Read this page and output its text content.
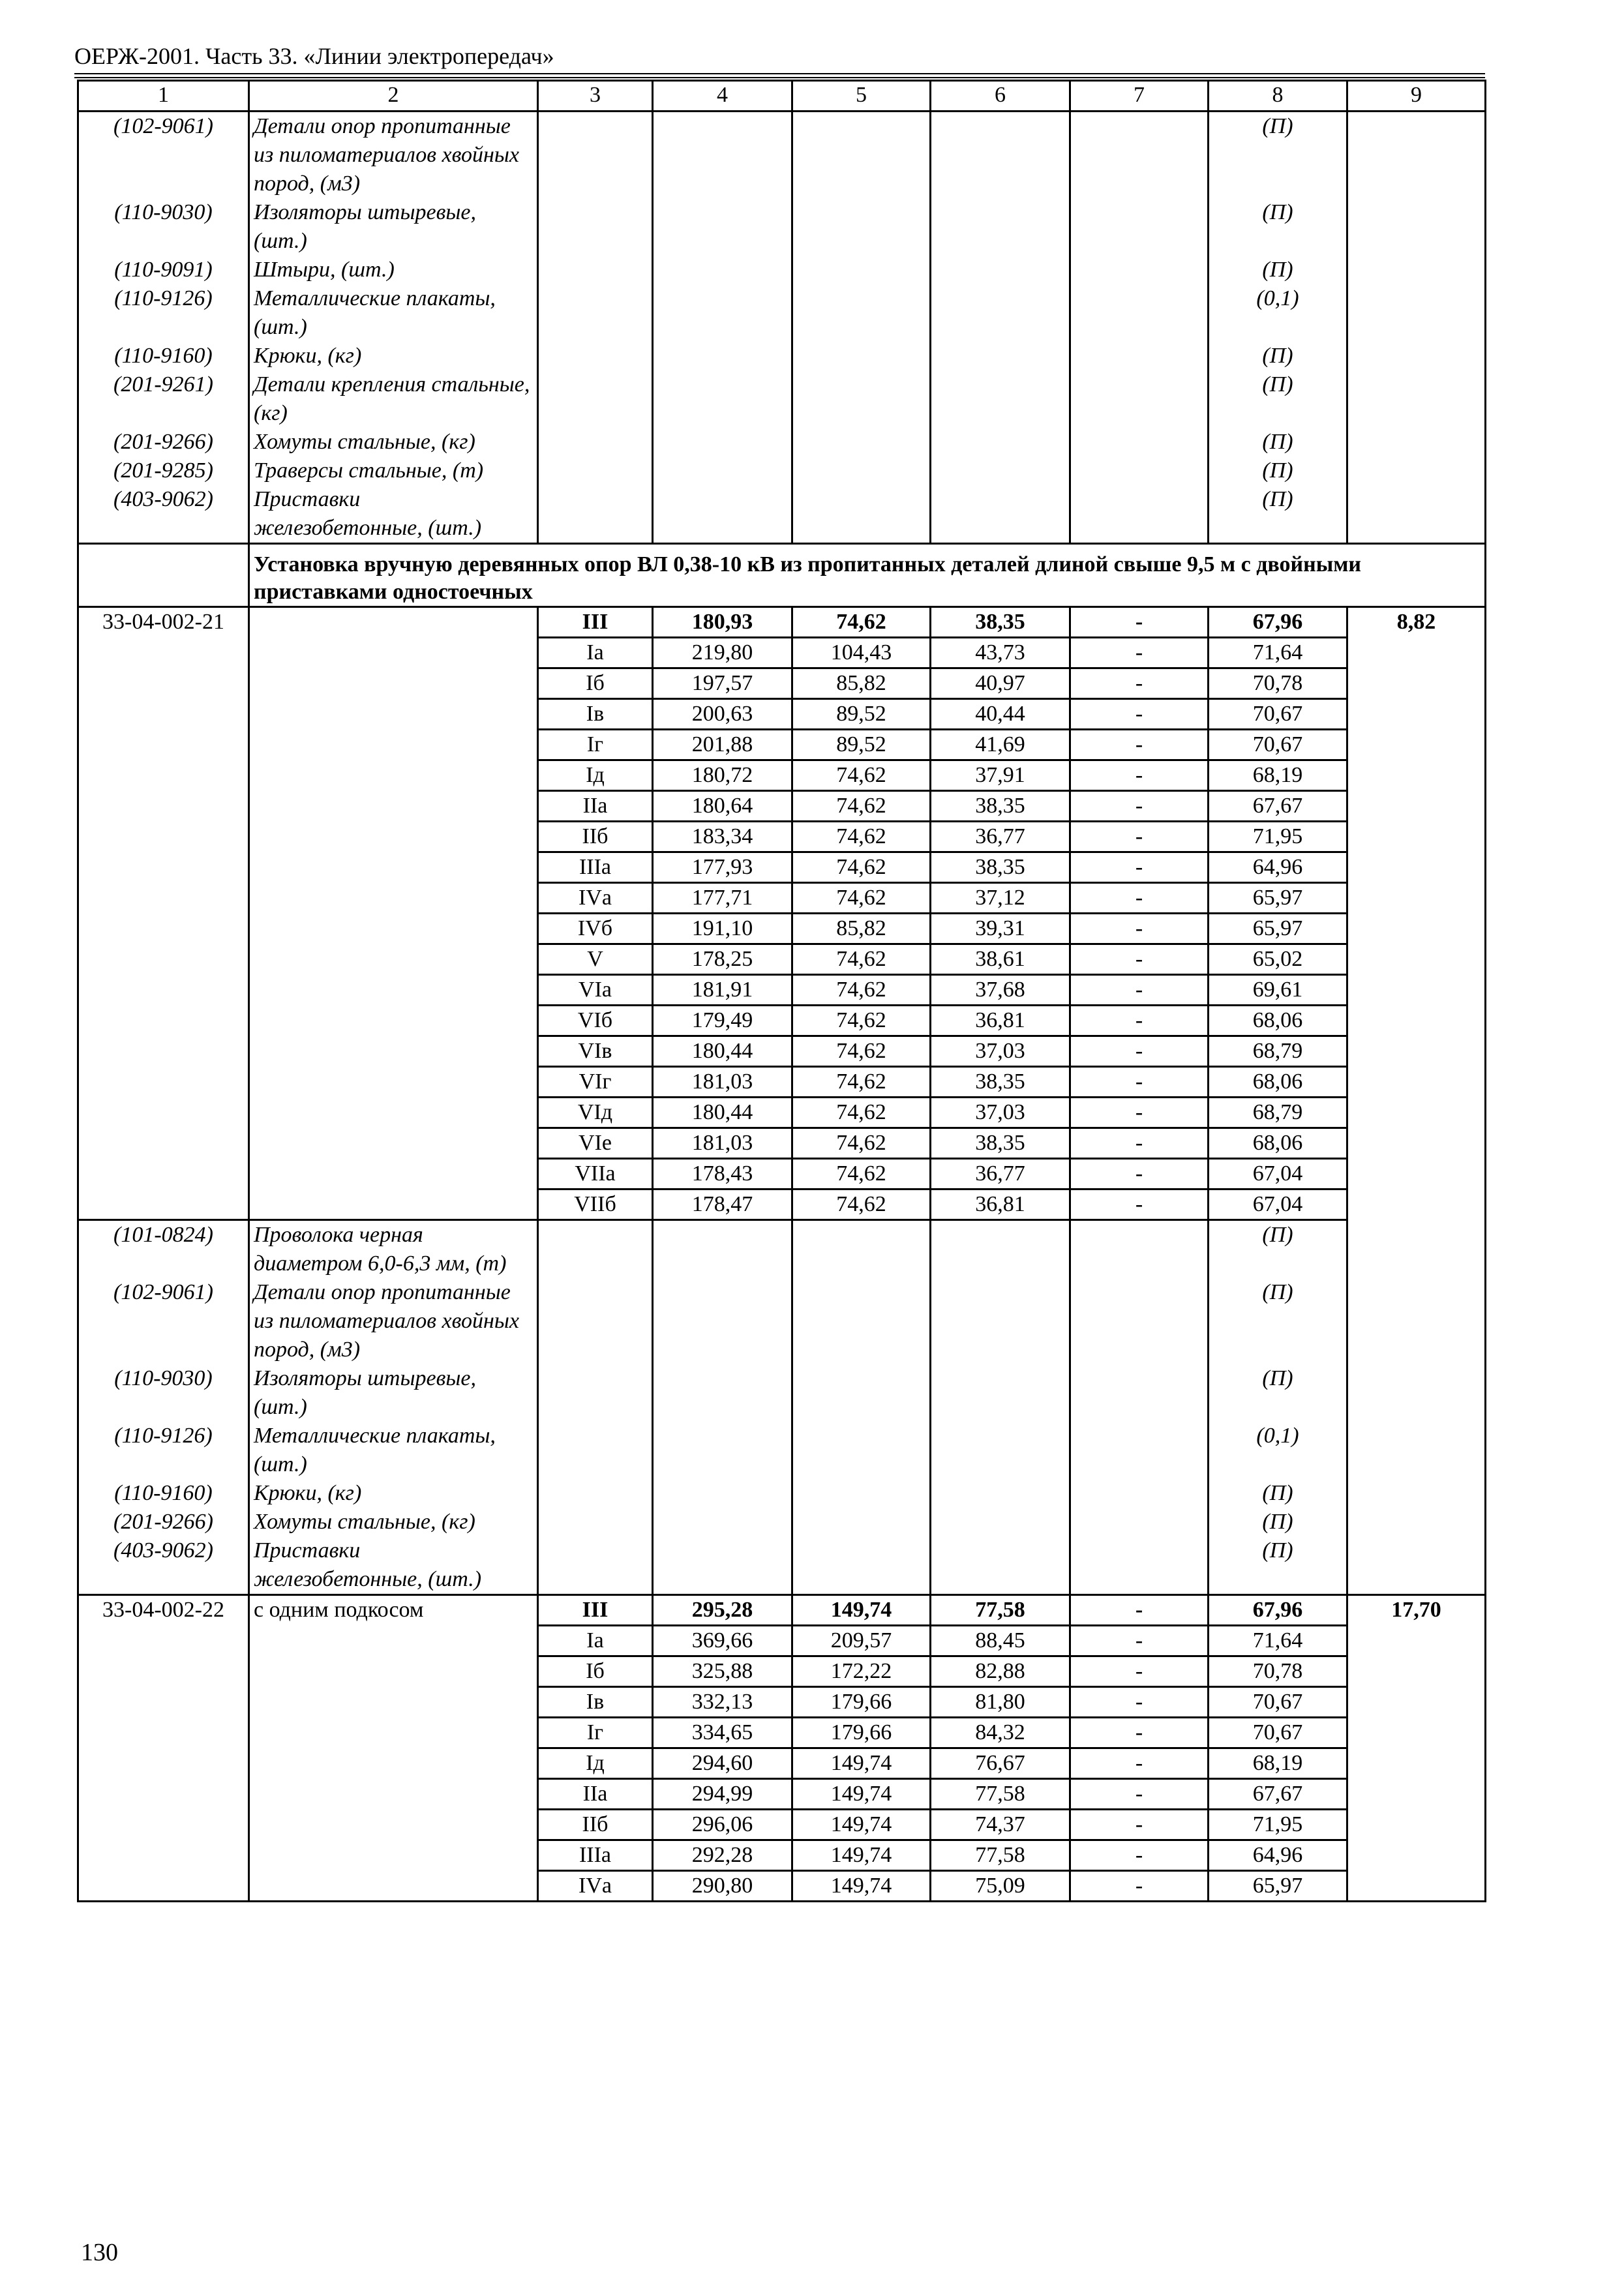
ОЕРЖ-2001. Часть 33. «Линии электропередач»
1	2	3	4	5	6	7	8	9
(102-9061)	Детали опор пропитанные из пиломатериалов хвойных пород, (м3)						(П)	
(110-9030)	Изоляторы штыревые, (шт.)						(П)	
(110-9091)	Штыри, (шт.)						(П)	
(110-9126)	Металлические плакаты, (шт.)						(0,1)	
(110-9160)	Крюки, (кг)						(П)	
(201-9261)	Детали крепления стальные, (кг)						(П)	
(201-9266)	Хомуты стальные, (кг)						(П)	
(201-9285)	Траверсы стальные, (т)						(П)	
(403-9062)	Приставки железобетонные, (шт.)						(П)	
	Установка вручную деревянных опор ВЛ 0,38-10 кВ из пропитанных деталей длиной свыше 9,5 м с двойными приставками одностоечных							
33-04-002-21		III	180,93	74,62	38,35	-	67,96	8,82
		Iа	219,80	104,43	43,73	-	71,64	
		Iб	197,57	85,82	40,97	-	70,78	
		Iв	200,63	89,52	40,44	-	70,67	
		Iг	201,88	89,52	41,69	-	70,67	
		Iд	180,72	74,62	37,91	-	68,19	
		IIа	180,64	74,62	38,35	-	67,67	
		IIб	183,34	74,62	36,77	-	71,95	
		IIIа	177,93	74,62	38,35	-	64,96	
		IVа	177,71	74,62	37,12	-	65,97	
		IVб	191,10	85,82	39,31	-	65,97	
		V	178,25	74,62	38,61	-	65,02	
		VIа	181,91	74,62	37,68	-	69,61	
		VIб	179,49	74,62	36,81	-	68,06	
		VIв	180,44	74,62	37,03	-	68,79	
		VIг	181,03	74,62	38,35	-	68,06	
		VIд	180,44	74,62	37,03	-	68,79	
		VIе	181,03	74,62	38,35	-	68,06	
		VIIа	178,43	74,62	36,77	-	67,04	
		VIIб	178,47	74,62	36,81	-	67,04	
(101-0824)	Проволока черная диаметром 6,0-6,3 мм, (т)						(П)	
(102-9061)	Детали опор пропитанные из пиломатериалов хвойных пород, (м3)						(П)	
(110-9030)	Изоляторы штыревые, (шт.)						(П)	
(110-9126)	Металлические плакаты, (шт.)						(0,1)	
(110-9160)	Крюки, (кг)						(П)	
(201-9266)	Хомуты стальные, (кг)						(П)	
(403-9062)	Приставки железобетонные, (шт.)						(П)	
33-04-002-22	с одним подкосом	III	295,28	149,74	77,58	-	67,96	17,70
		Iа	369,66	209,57	88,45	-	71,64	
		Iб	325,88	172,22	82,88	-	70,78	
		Iв	332,13	179,66	81,80	-	70,67	
		Iг	334,65	179,66	84,32	-	70,67	
		Iд	294,60	149,74	76,67	-	68,19	
		IIа	294,99	149,74	77,58	-	67,67	
		IIб	296,06	149,74	74,37	-	71,95	
		IIIа	292,28	149,74	77,58	-	64,96	
		IVа	290,80	149,74	75,09	-	65,97	
130
